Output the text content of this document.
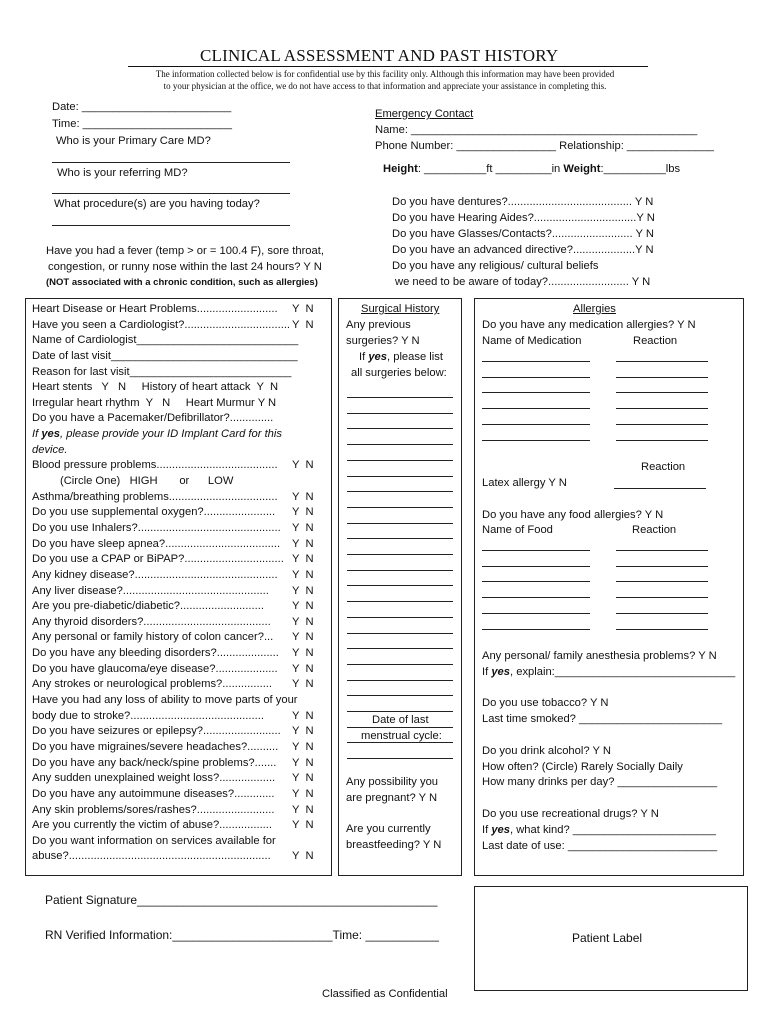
CLINICAL ASSESSMENT AND PAST HISTORY
The information collected below is for confidential use by this facility only. Although this information may have been provided
to your physician at the office, we do not have access to that information and appreciate your assistance in completing this.
Date: ________________________
Time: ________________________
Who is your Primary Care MD?
Who is your referring MD?
What procedure(s) are you having today?
Have you had a fever (temp > or = 100.4 F), sore throat,
congestion, or runny nose within the last 24 hours? Y N
(NOT associated with a chronic condition, such as allergies)
Emergency Contact
Name: ______________________________________________
Phone Number: ________________ Relationship: ______________
Height: __________ft _________in Weight:__________lbs
Do you have dentures?........................................ Y N
Do you have Hearing Aides?.................................Y N
Do you have Glasses/Contacts?.......................... Y N
Do you have an advanced directive?....................Y N
Do you have any religious/ cultural beliefs
we need to be aware of today?.......................... Y N
Heart Disease or Heart Problems.......................... Y  N
Have you seen a Cardiologist?.................................. Y  N
Name of Cardiologist__________________________
Date of last visit______________________________
Reason for last visit__________________________
Heart stents   Y   N     History of heart attack  Y  N
Irregular heart rhythm  Y   N     Heart Murmur Y N
Do you have a Pacemaker/Defibrillator?..............
If yes, please provide your ID Implant Card for this
device.
Blood pressure problems....................................... Y  N
(Circle One)   HIGH       or      LOW
Asthma/breathing problems................................... Y  N
Do you use supplemental oxygen?....................... Y  N
Do you use Inhalers?.............................................. Y  N
Do you have sleep apnea?..................................... Y  N
Do you use a CPAP or BiPAP?................................ Y  N
Any kidney disease?.............................................. Y  N
Any liver disease?............................................... Y  N
Are you pre-diabetic/diabetic?...........................	Y  N
Any thyroid disorders?......................................... Y  N
Any personal or family history of colon cancer?... Y  N
Do you have any bleeding disorders?.................... Y  N
Do you have glaucoma/eye disease?.................... Y  N
Any strokes or neurological problems?................ Y  N
Have you had any loss of ability to move parts of your
body due to stroke?...........................................	Y  N
Do you have seizures or epilepsy?......................... Y  N
Do you have migraines/severe headaches?.......... Y  N
Do you have any back/neck/spine problems?....... Y  N
Any sudden unexplained weight loss?.................. Y  N
Do you have any autoimmune diseases?............. Y  N
Any skin problems/sores/rashes?......................... Y  N
Are you currently the victim of abuse?................. Y  N
Do you want information on services available for
abuse?................................................................. Y  N
Surgical History
Any previous
surgeries? Y N
If yes, please list
all surgeries below:
Date of last
menstrual cycle:
Any possibility you
are pregnant? Y N
Are you currently
breastfeeding? Y N
Allergies
Do you have any medication allergies? Y N
Name of Medication	Reaction
Reaction
Latex allergy Y N
Do you have any food allergies? Y N
Name of Food	Reaction
Any personal/ family anesthesia problems? Y N
If yes, explain:_____________________________
Do you use tobacco? Y N
Last time smoked? _______________________
Do you drink alcohol? Y N
How often? (Circle) Rarely Socially Daily
How many drinks per day? ________________
Do you use recreational drugs? Y N
If yes, what kind? _______________________
Last date of use: ________________________
Patient Signature_____________________________________________
RN Verified Information:________________________Time: ___________	Patient Label
Classified as Confidential
